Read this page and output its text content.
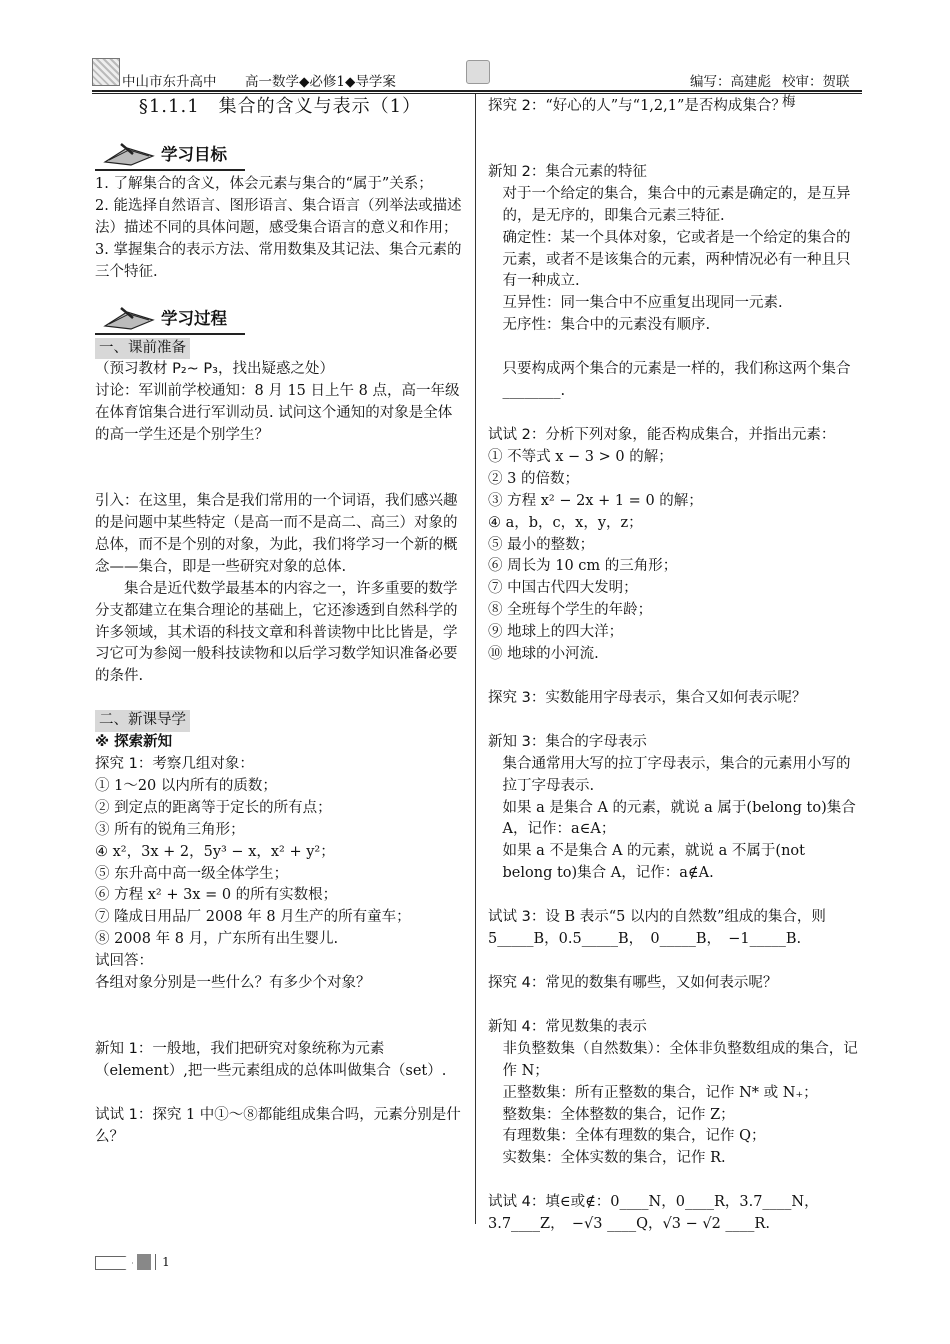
中山市东升高中 高一数学◆必修1◆导学案	编写：高建彪 校审：贺联梅

§1.1.1　集合的含义与表示（1）

学习目标

1. 了解集合的含义，体会元素与集合的“属于”关系；

2. 能选择自然语言、图形语言、集合语言（列举法或描述法）描述不同的具体问题，感受集合语言的意义和作用；

3. 掌握集合的表示方法、常用数集及其记法、集合元素的三个特征.

学习过程

一、课前准备

（预习教材 P₂~ P₃，找出疑惑之处）

讨论：军训前学校通知：8 月 15 日上午 8 点，高一年级在体育馆集合进行军训动员. 试问这个通知的对象是全体的高一学生还是个别学生？

引入：在这里，集合是我们常用的一个词语，我们感兴趣的是问题中某些特定（是高一而不是高二、高三）对象的总体，而不是个别的对象，为此，我们将学习一个新的概念——集合，即是一些研究对象的总体.

集合是近代数学最基本的内容之一，许多重要的数学分支都建立在集合理论的基础上，它还渗透到自然科学的许多领域，其术语的科技文章和科普读物中比比皆是，学习它可为参阅一般科技读物和以后学习数学知识准备必要的条件.

二、新课导学

※ 探索新知

探究 1：考察几组对象：

① 1～20 以内所有的质数；

② 到定点的距离等于定长的所有点；

③ 所有的锐角三角形；

④ x²，3x + 2，5y³ − x，x² + y²；

⑤ 东升高中高一级全体学生；

⑥ 方程 x² + 3x = 0 的所有实数根；

⑦ 隆成日用品厂 2008 年 8 月生产的所有童车；

⑧ 2008 年 8 月，广东所有出生婴儿.

试回答：

各组对象分别是一些什么？有多少个对象？

新知 1：一般地，我们把研究对象统称为元素（element）,把一些元素组成的总体叫做集合（set）.

试试 1：探究 1 中①～⑧都能组成集合吗，元素分别是什么？

探究 2：“好心的人”与“1,2,1”是否构成集合？

新知 2：集合元素的特征

对于一个给定的集合，集合中的元素是确定的，是互异的，是无序的，即集合元素三特征.

确定性：某一个具体对象，它或者是一个给定的集合的元素，或者不是该集合的元素，两种情况必有一种且只有一种成立.

互异性：同一集合中不应重复出现同一元素.

无序性：集合中的元素没有顺序.

只要构成两个集合的元素是一样的，我们称这两个集合________.

试试 2：分析下列对象，能否构成集合，并指出元素：

① 不等式 x − 3 > 0 的解；

② 3 的倍数；

③ 方程 x² − 2x + 1 = 0 的解；

④ a，b，c，x，y，z；

⑤ 最小的整数；

⑥ 周长为 10 cm 的三角形；

⑦ 中国古代四大发明；

⑧ 全班每个学生的年龄；

⑨ 地球上的四大洋；

⑩ 地球的小河流.

探究 3：实数能用字母表示，集合又如何表示呢？

新知 3：集合的字母表示

集合通常用大写的拉丁字母表示，集合的元素用小写的拉丁字母表示.

如果 a 是集合 A 的元素，就说 a 属于(belong to)集合 A，记作：a∈A；

如果 a 不是集合 A 的元素，就说 a 不属于(not belong to)集合 A，记作：a∉A.

试试 3：设 B 表示“5 以内的自然数”组成的集合，则 5_____B，0.5_____B，　0_____B，　−1_____B.

探究 4：常见的数集有哪些，又如何表示呢？

新知 4：常见数集的表示

非负整数集（自然数集）：全体非负整数组成的集合，记作 N；

正整数集：所有正整数的集合，记作 N* 或 N₊；

整数集：全体整数的集合，记作 Z；

有理数集：全体有理数的集合，记作 Q；

实数集：全体实数的集合，记作 R.

试试 4：填∈或∉：0____N，0____R，3.7____N，

3.7____Z，　−√3 ____Q，√3 − √2 ____R.

1
